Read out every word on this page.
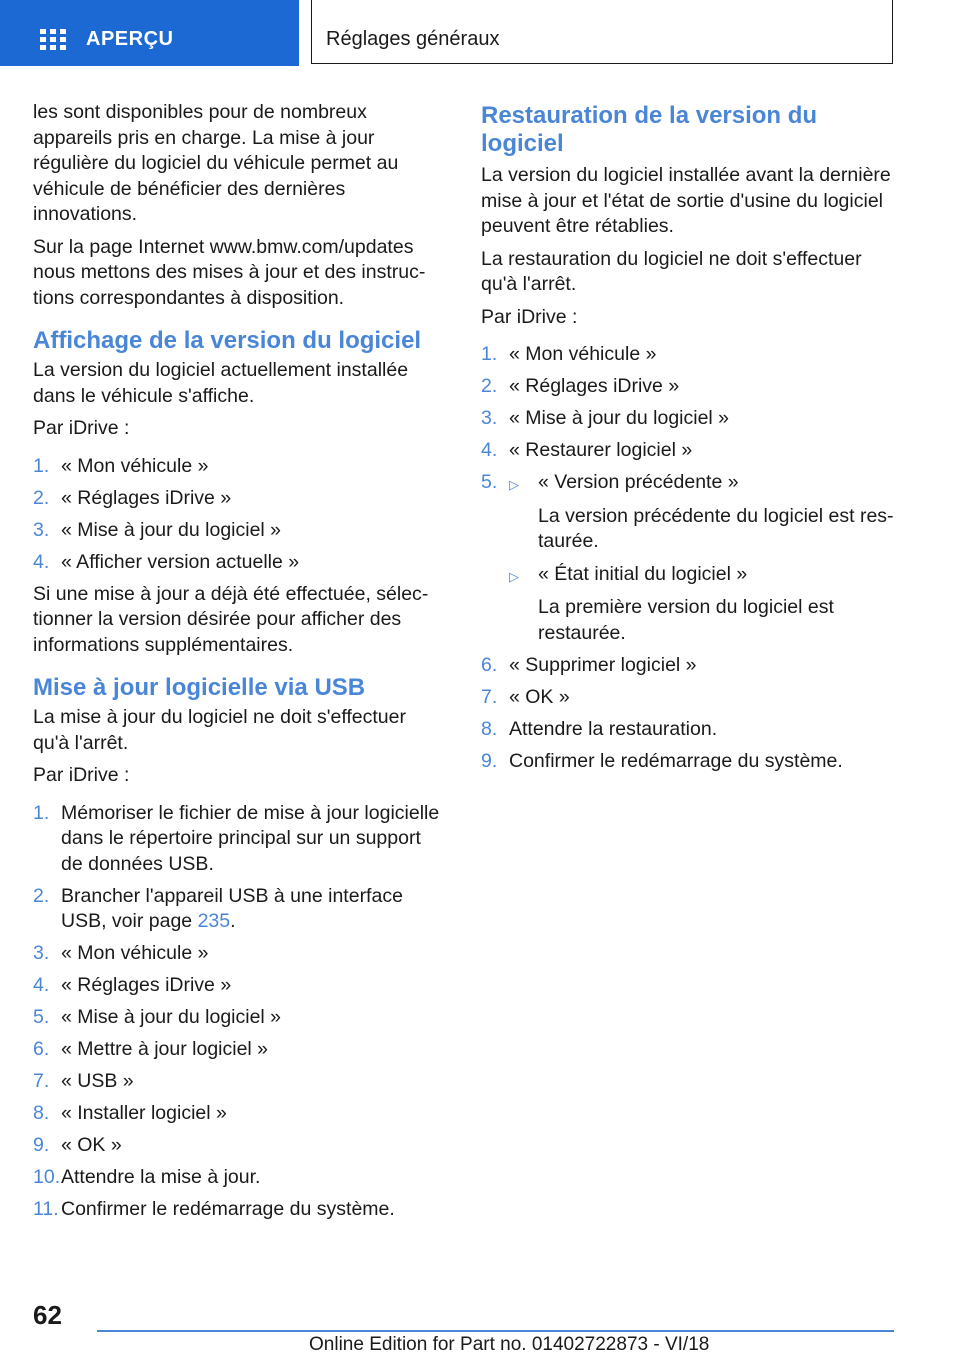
APERÇU	Réglages généraux

les sont disponibles pour de nombreux appareils pris en charge. La mise à jour régulière du logiciel du véhicule permet au véhicule de bénéficier des dernières innovations.

Sur la page Internet www.bmw.com/updates nous mettons des mises à jour et des instructions correspondantes à disposition.

Affichage de la version du logiciel

La version du logiciel actuellement installée dans le véhicule s'affiche.

Par iDrive :

1. « Mon véhicule »
2. « Réglages iDrive »
3. « Mise à jour du logiciel »
4. « Afficher version actuelle »

Si une mise à jour a déjà été effectuée, sélectionner la version désirée pour afficher des informations supplémentaires.

Mise à jour logicielle via USB

La mise à jour du logiciel ne doit s'effectuer qu'à l'arrêt.

Par iDrive :

1. Mémoriser le fichier de mise à jour logicielle dans le répertoire principal sur un support de données USB.
2. Brancher l'appareil USB à une interface USB, voir page 235.
3. « Mon véhicule »
4. « Réglages iDrive »
5. « Mise à jour du logiciel »
6. « Mettre à jour logiciel »
7. « USB »
8. « Installer logiciel »
9. « OK »
10. Attendre la mise à jour.
11. Confirmer le redémarrage du système.
Restauration de la version du logiciel

La version du logiciel installée avant la dernière mise à jour et l'état de sortie d'usine du logiciel peuvent être rétablies.

La restauration du logiciel ne doit s'effectuer qu'à l'arrêt.

Par iDrive :

1. « Mon véhicule »
2. « Réglages iDrive »
3. « Mise à jour du logiciel »
4. « Restaurer logiciel »
5. ▷ « Version précédente »
La version précédente du logiciel est restaurée.
▷ « État initial du logiciel »
La première version du logiciel est restaurée.
6. « Supprimer logiciel »
7. « OK »
8. Attendre la restauration.
9. Confirmer le redémarrage du système.
62
Online Edition for Part no. 01402722873 - VI/18
